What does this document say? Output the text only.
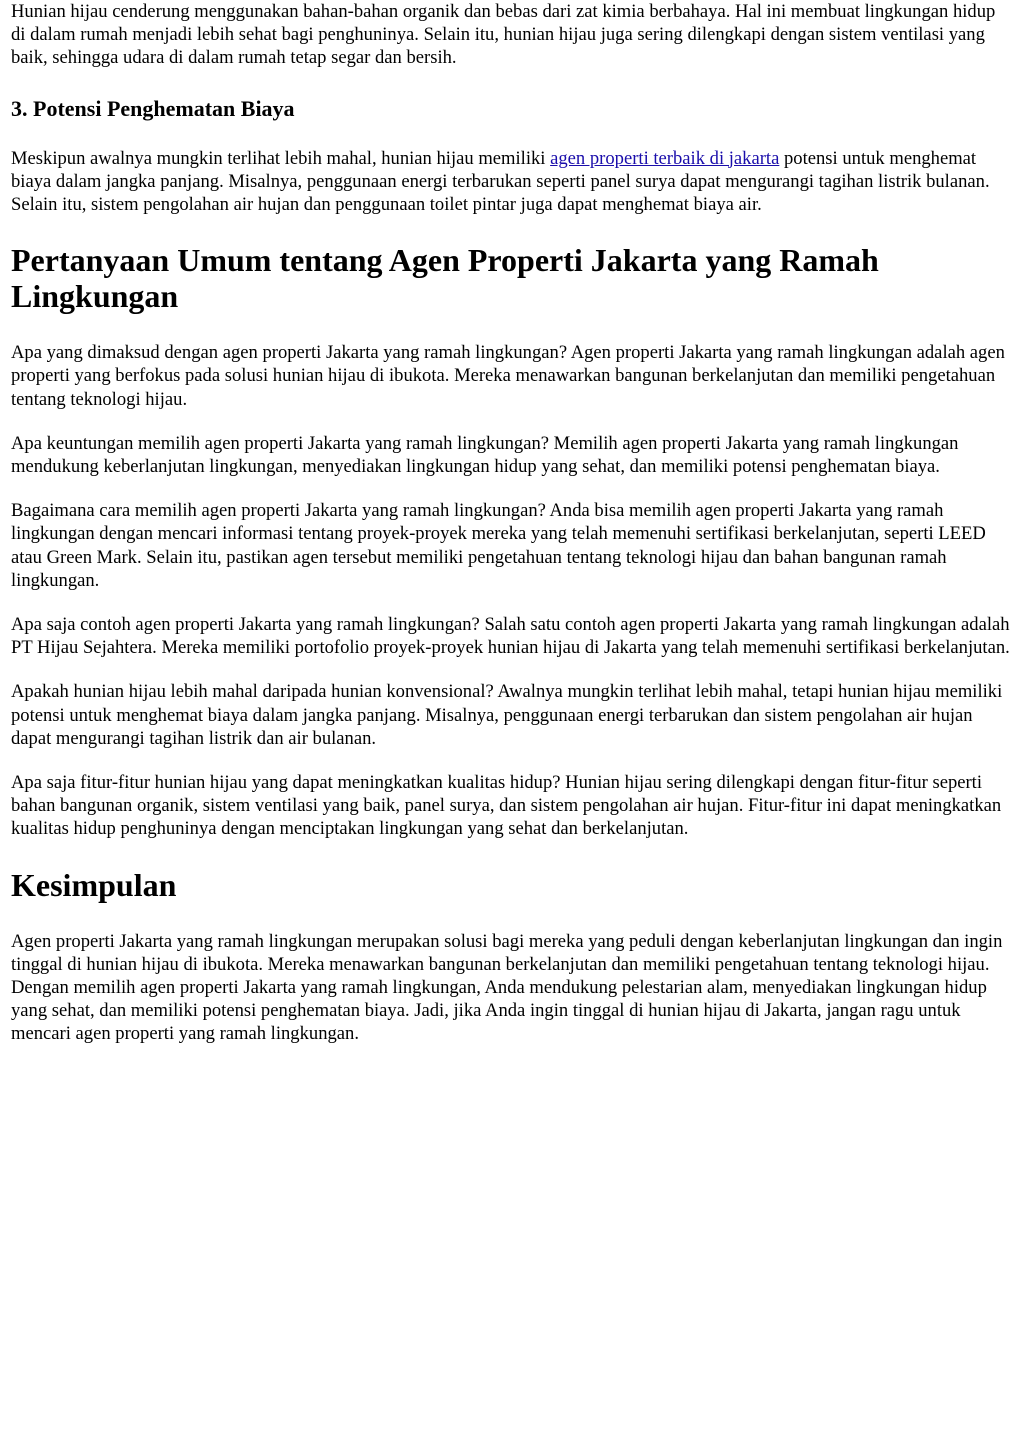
Hunian hijau cenderung menggunakan bahan-bahan organik dan bebas dari zat kimia berbahaya. Hal ini membuat lingkungan hidup di dalam rumah menjadi lebih sehat bagi penghuninya. Selain itu, hunian hijau juga sering dilengkapi dengan sistem ventilasi yang baik, sehingga udara di dalam rumah tetap segar dan bersih.

3. Potensi Penghematan Biaya

Meskipun awalnya mungkin terlihat lebih mahal, hunian hijau memiliki agen properti terbaik di jakarta potensi untuk menghemat biaya dalam jangka panjang. Misalnya, penggunaan energi terbarukan seperti panel surya dapat mengurangi tagihan listrik bulanan. Selain itu, sistem pengolahan air hujan dan penggunaan toilet pintar juga dapat menghemat biaya air.

Pertanyaan Umum tentang Agen Properti Jakarta yang Ramah Lingkungan

Apa yang dimaksud dengan agen properti Jakarta yang ramah lingkungan? Agen properti Jakarta yang ramah lingkungan adalah agen properti yang berfokus pada solusi hunian hijau di ibukota. Mereka menawarkan bangunan berkelanjutan dan memiliki pengetahuan tentang teknologi hijau.

Apa keuntungan memilih agen properti Jakarta yang ramah lingkungan? Memilih agen properti Jakarta yang ramah lingkungan mendukung keberlanjutan lingkungan, menyediakan lingkungan hidup yang sehat, dan memiliki potensi penghematan biaya.

Bagaimana cara memilih agen properti Jakarta yang ramah lingkungan? Anda bisa memilih agen properti Jakarta yang ramah lingkungan dengan mencari informasi tentang proyek-proyek mereka yang telah memenuhi sertifikasi berkelanjutan, seperti LEED atau Green Mark. Selain itu, pastikan agen tersebut memiliki pengetahuan tentang teknologi hijau dan bahan bangunan ramah lingkungan.

Apa saja contoh agen properti Jakarta yang ramah lingkungan? Salah satu contoh agen properti Jakarta yang ramah lingkungan adalah PT Hijau Sejahtera. Mereka memiliki portofolio proyek-proyek hunian hijau di Jakarta yang telah memenuhi sertifikasi berkelanjutan.

Apakah hunian hijau lebih mahal daripada hunian konvensional? Awalnya mungkin terlihat lebih mahal, tetapi hunian hijau memiliki potensi untuk menghemat biaya dalam jangka panjang. Misalnya, penggunaan energi terbarukan dan sistem pengolahan air hujan dapat mengurangi tagihan listrik dan air bulanan.

Apa saja fitur-fitur hunian hijau yang dapat meningkatkan kualitas hidup? Hunian hijau sering dilengkapi dengan fitur-fitur seperti bahan bangunan organik, sistem ventilasi yang baik, panel surya, dan sistem pengolahan air hujan. Fitur-fitur ini dapat meningkatkan kualitas hidup penghuninya dengan menciptakan lingkungan yang sehat dan berkelanjutan.

Kesimpulan

Agen properti Jakarta yang ramah lingkungan merupakan solusi bagi mereka yang peduli dengan keberlanjutan lingkungan dan ingin tinggal di hunian hijau di ibukota. Mereka menawarkan bangunan berkelanjutan dan memiliki pengetahuan tentang teknologi hijau. Dengan memilih agen properti Jakarta yang ramah lingkungan, Anda mendukung pelestarian alam, menyediakan lingkungan hidup yang sehat, dan memiliki potensi penghematan biaya. Jadi, jika Anda ingin tinggal di hunian hijau di Jakarta, jangan ragu untuk mencari agen properti yang ramah lingkungan.
